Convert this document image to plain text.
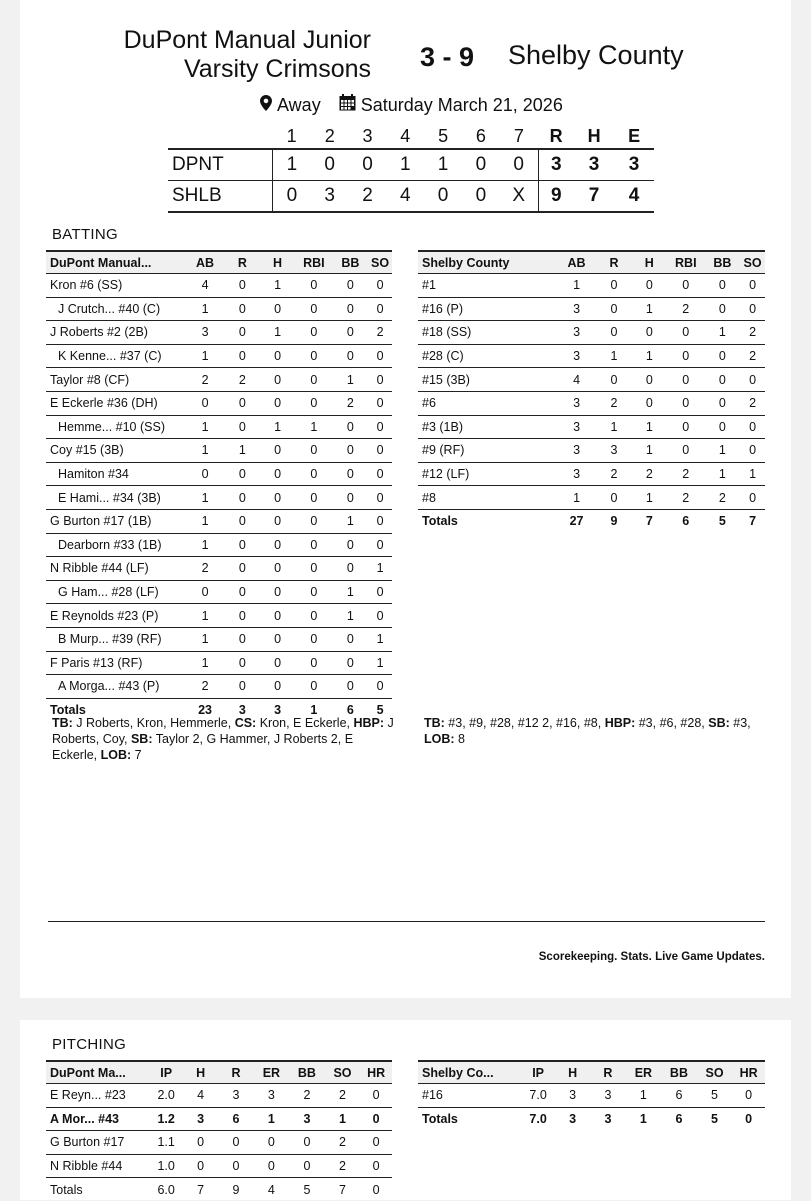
DuPont Manual Junior Varsity Crimsons 3 - 9 Shelby County
Away Saturday March 21, 2026
	1	2	3	4	5	6	7	R	H	E
DPNT	1	0	0	1	1	0	0	3	3	3
SHLB	0	3	2	4	0	0	X	9	7	4
BATTING
DuPont Manual...	AB	R	H	RBI	BB	SO
Kron #6 (SS)	4	0	1	0	0	0
J Crutch... #40 (C)	1	0	0	0	0	0
J Roberts #2 (2B)	3	0	1	0	0	2
K Kenne... #37 (C)	1	0	0	0	0	0
Taylor #8 (CF)	2	2	0	0	1	0
E Eckerle #36 (DH)	0	0	0	0	2	0
Hemme... #10 (SS)	1	0	1	1	0	0
Coy #15 (3B)	1	1	0	0	0	0
Hamiton #34	0	0	0	0	0	0
E Hami... #34 (3B)	1	0	0	0	0	0
G Burton #17 (1B)	1	0	0	0	1	0
Dearborn #33 (1B)	1	0	0	0	0	0
N Ribble #44 (LF)	2	0	0	0	0	1
G Ham... #28 (LF)	0	0	0	0	1	0
E Reynolds #23 (P)	1	0	0	0	1	0
B Murp... #39 (RF)	1	0	0	0	0	1
F Paris #13 (RF)	1	0	0	0	0	1
A Morga... #43 (P)	2	0	0	0	0	0
Totals	23	3	3	1	6	5
Shelby County	AB	R	H	RBI	BB	SO
#1	1	0	0	0	0	0
#16 (P)	3	0	1	2	0	0
#18 (SS)	3	0	0	0	1	2
#28 (C)	3	1	1	0	0	2
#15 (3B)	4	0	0	0	0	0
#6	3	2	0	0	0	2
#3 (1B)	3	1	1	0	0	0
#9 (RF)	3	3	1	0	1	0
#12 (LF)	3	2	2	2	1	1
#8	1	0	1	2	2	0
Totals	27	9	7	6	5	7
TB: J Roberts, Kron, Hemmerle, CS: Kron, E Eckerle, HBP: J Roberts, Coy, SB: Taylor 2, G Hammer, J Roberts 2, E Eckerle, LOB: 7
TB: #3, #9, #28, #12 2, #16, #8, HBP: #3, #6, #28, SB: #3, LOB: 8
Scorekeeping. Stats. Live Game Updates.
PITCHING
DuPont Ma...	IP	H	R	ER	BB	SO	HR
E Reyn... #23	2.0	4	3	3	2	2	0
A Mor... #43	1.2	3	6	1	3	1	0
G Burton #17	1.1	0	0	0	0	2	0
N Ribble #44	1.0	0	0	0	0	2	0
Totals	6.0	7	9	4	5	7	0
Shelby Co...	IP	H	R	ER	BB	SO	HR
#16	7.0	3	3	1	6	5	0
Totals	7.0	3	3	1	6	5	0
